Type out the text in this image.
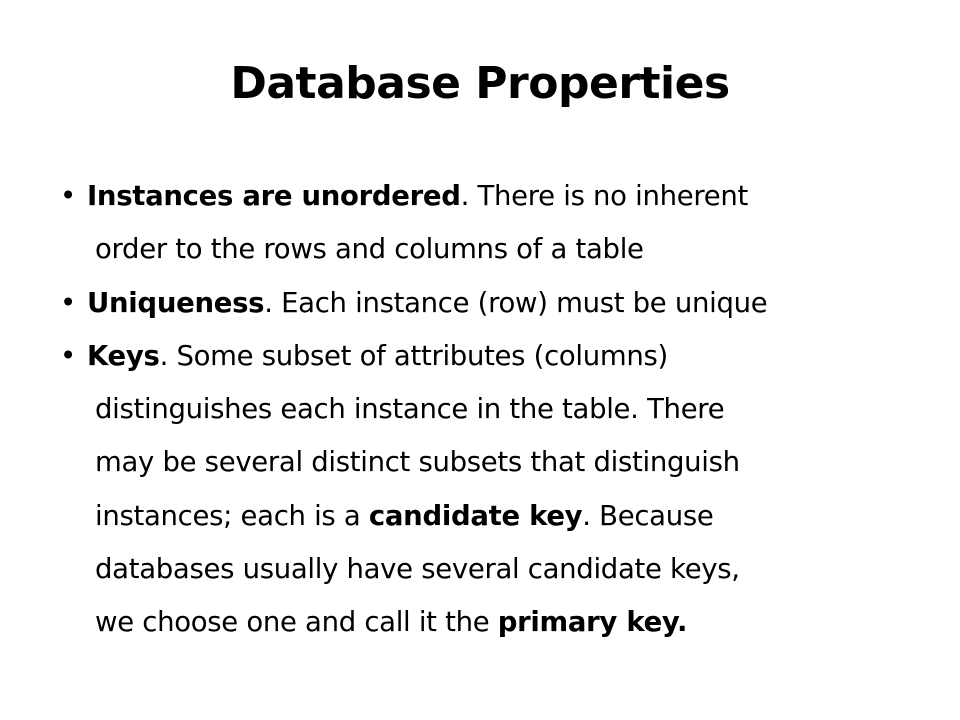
Database Properties
• Instances are unordered. There is no inherent
order to the rows and columns of a table
• Uniqueness. Each instance (row) must be unique
• Keys. Some subset of attributes (columns)
distinguishes each instance in the table. There
may be several distinct subsets that distinguish
instances; each is a candidate key. Because
databases usually have several candidate keys,
we choose one and call it the primary key.
